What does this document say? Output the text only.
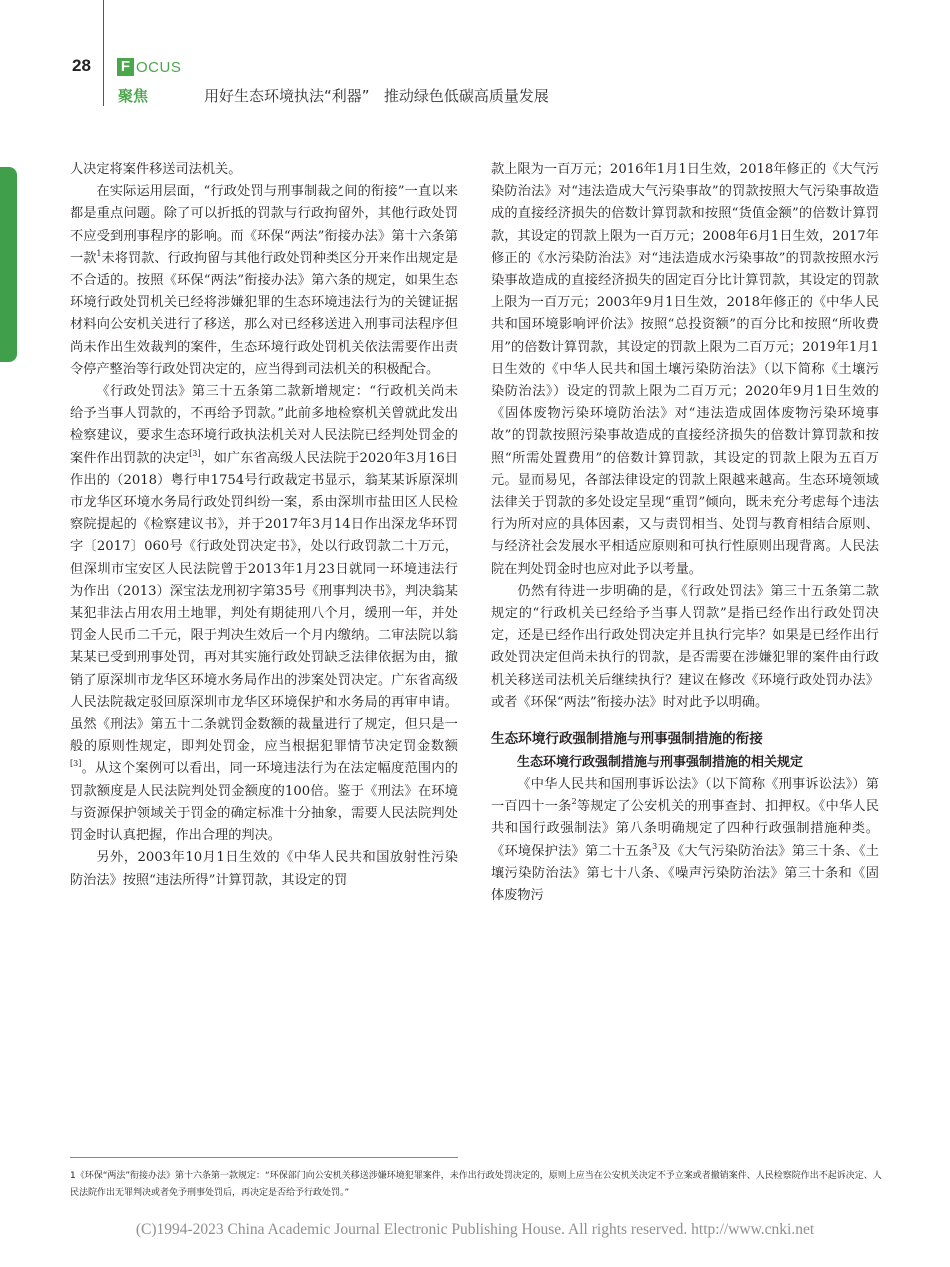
28 F OCUS
聚焦	用好生态环境执法“利器”   推动绿色低碳高质量发展

人决定将案件移送司法机关。

在实际运用层面，“行政处罚与刑事制裁之间的衔接”一直以来都是重点问题。除了可以折抵的罚款与行政拘留外，其他行政处罚不应受到刑事程序的影响。而《环保“两法”衔接办法》第十六条第一款$^1$未将罚款、行政拘留与其他行政处罚种类区分开来作出规定是不合适的。按照《环保“两法”衔接办法》第六条的规定，如果生态环境行政处罚机关已经将涉嫌犯罪的生态环境违法行为的关键证据材料向公安机关进行了移送，那么对已经移送进入刑事司法程序但尚未作出生效裁判的案件，生态环境行政处罚机关依法需要作出责令停产整治等行政处罚决定的，应当得到司法机关的积极配合。

《行政处罚法》第三十五条第二款新增规定：“行政机关尚未给予当事人罚款的，不再给予罚款。”此前多地检察机关曾就此发出检察建议，要求生态环境行政执法机关对人民法院已经判处罚金的案件作出罚款的决定[3]，如广东省高级人民法院于2020年3月16日作出的（2018）粤行申1754号行政裁定书显示，翁某某诉原深圳市龙华区环境水务局行政处罚纠纷一案，系由深圳市盐田区人民检察院提起的《检察建议书》，并于2017年3月14日作出深龙华环罚字〔2017〕060号《行政处罚决定书》，处以行政罚款二十万元，但深圳市宝安区人民法院曾于2013年1月23日就同一环境违法行为作出（2013）深宝法龙刑初字第35号《刑事判决书》，判决翁某某犯非法占用农用土地罪，判处有期徒刑八个月，缓刑一年，并处罚金人民币二千元，限于判决生效后一个月内缴纳。二审法院以翁某某已受到刑事处罚，再对其实施行政处罚缺乏法律依据为由，撤销了原深圳市龙华区环境水务局作出的涉案处罚决定。广东省高级人民法院裁定驳回原深圳市龙华区环境保护和水务局的再审申请。虽然《刑法》第五十二条就罚金数额的裁量进行了规定，但只是一般的原则性规定，即判处罚金，应当根据犯罪情节决定罚金数额[3]。从这个案例可以看出，同一环境违法行为在法定幅度范围内的罚款额度是人民法院判处罚金额度的100倍。鉴于《刑法》在环境与资源保护领域关于罚金的确定标准十分抽象，需要人民法院判处罚金时认真把握，作出合理的判决。

另外，2003年10月1日生效的《中华人民共和国放射性污染防治法》按照“违法所得”计算罚款，其设定的罚

款上限为一百万元；2016年1月1日生效，2018年修正的《大气污染防治法》对“违法造成大气污染事故”的罚款按照大气污染事故造成的直接经济损失的倍数计算罚款和按照“货值金额”的倍数计算罚款，其设定的罚款上限为一百万元；2008年6月1日生效，2017年修正的《水污染防治法》对“违法造成水污染事故”的罚款按照水污染事故造成的直接经济损失的固定百分比计算罚款，其设定的罚款上限为一百万元；2003年9月1日生效，2018年修正的《中华人民共和国环境影响评价法》按照“总投资额”的百分比和按照“所收费用”的倍数计算罚款，其设定的罚款上限为二百万元；2019年1月1日生效的《中华人民共和国土壤污染防治法》（以下简称《土壤污染防治法》）设定的罚款上限为二百万元；2020年9月1日生效的《固体废物污染环境防治法》对“违法造成固体废物污染环境事故”的罚款按照污染事故造成的直接经济损失的倍数计算罚款和按照“所需处置费用”的倍数计算罚款，其设定的罚款上限为五百万元。显而易见，各部法律设定的罚款上限越来越高。生态环境领域法律关于罚款的多处设定呈现“重罚”倾向，既未充分考虑每个违法行为所对应的具体因素，又与责罚相当、处罚与教育相结合原则、与经济社会发展水平相适应原则和可执行性原则出现背离。人民法院在判处罚金时也应对此予以考量。

仍然有待进一步明确的是，《行政处罚法》第三十五条第二款规定的“行政机关已经给予当事人罚款”是指已经作出行政处罚决定，还是已经作出行政处罚决定并且执行完毕？如果是已经作出行政处罚决定但尚未执行的罚款，是否需要在涉嫌犯罪的案件由行政机关移送司法机关后继续执行？建议在修改《环境行政处罚办法》或者《环保“两法”衔接办法》时对此予以明确。

生态环境行政强制措施与刑事强制措施的衔接
生态环境行政强制措施与刑事强制措施的相关规定

《中华人民共和国刑事诉讼法》（以下简称《刑事诉讼法》）第一百四十一条$^2$等规定了公安机关的刑事查封、扣押权。《中华人民共和国行政强制法》第八条明确规定了四种行政强制措施种类。《环境保护法》第二十五条$^3$及《大气污染防治法》第三十条、《土壤污染防治法》第七十八条、《噪声污染防治法》第三十条和《固体废物污

1《环保“两法”衔接办法》第十六条第一款规定：“环保部门向公安机关移送涉嫌环境犯罪案件，未作出行政处罚决定的，原则上应当在公安机关决定不予立案或者撤销案件、人民检察院作出不起诉决定、人民法院作出无罪判决或者免予刑事处罚后，再决定是否给予行政处罚。”
(C)1994-2023 China Academic Journal Electronic Publishing House. All rights reserved. http://www.cnki.net
